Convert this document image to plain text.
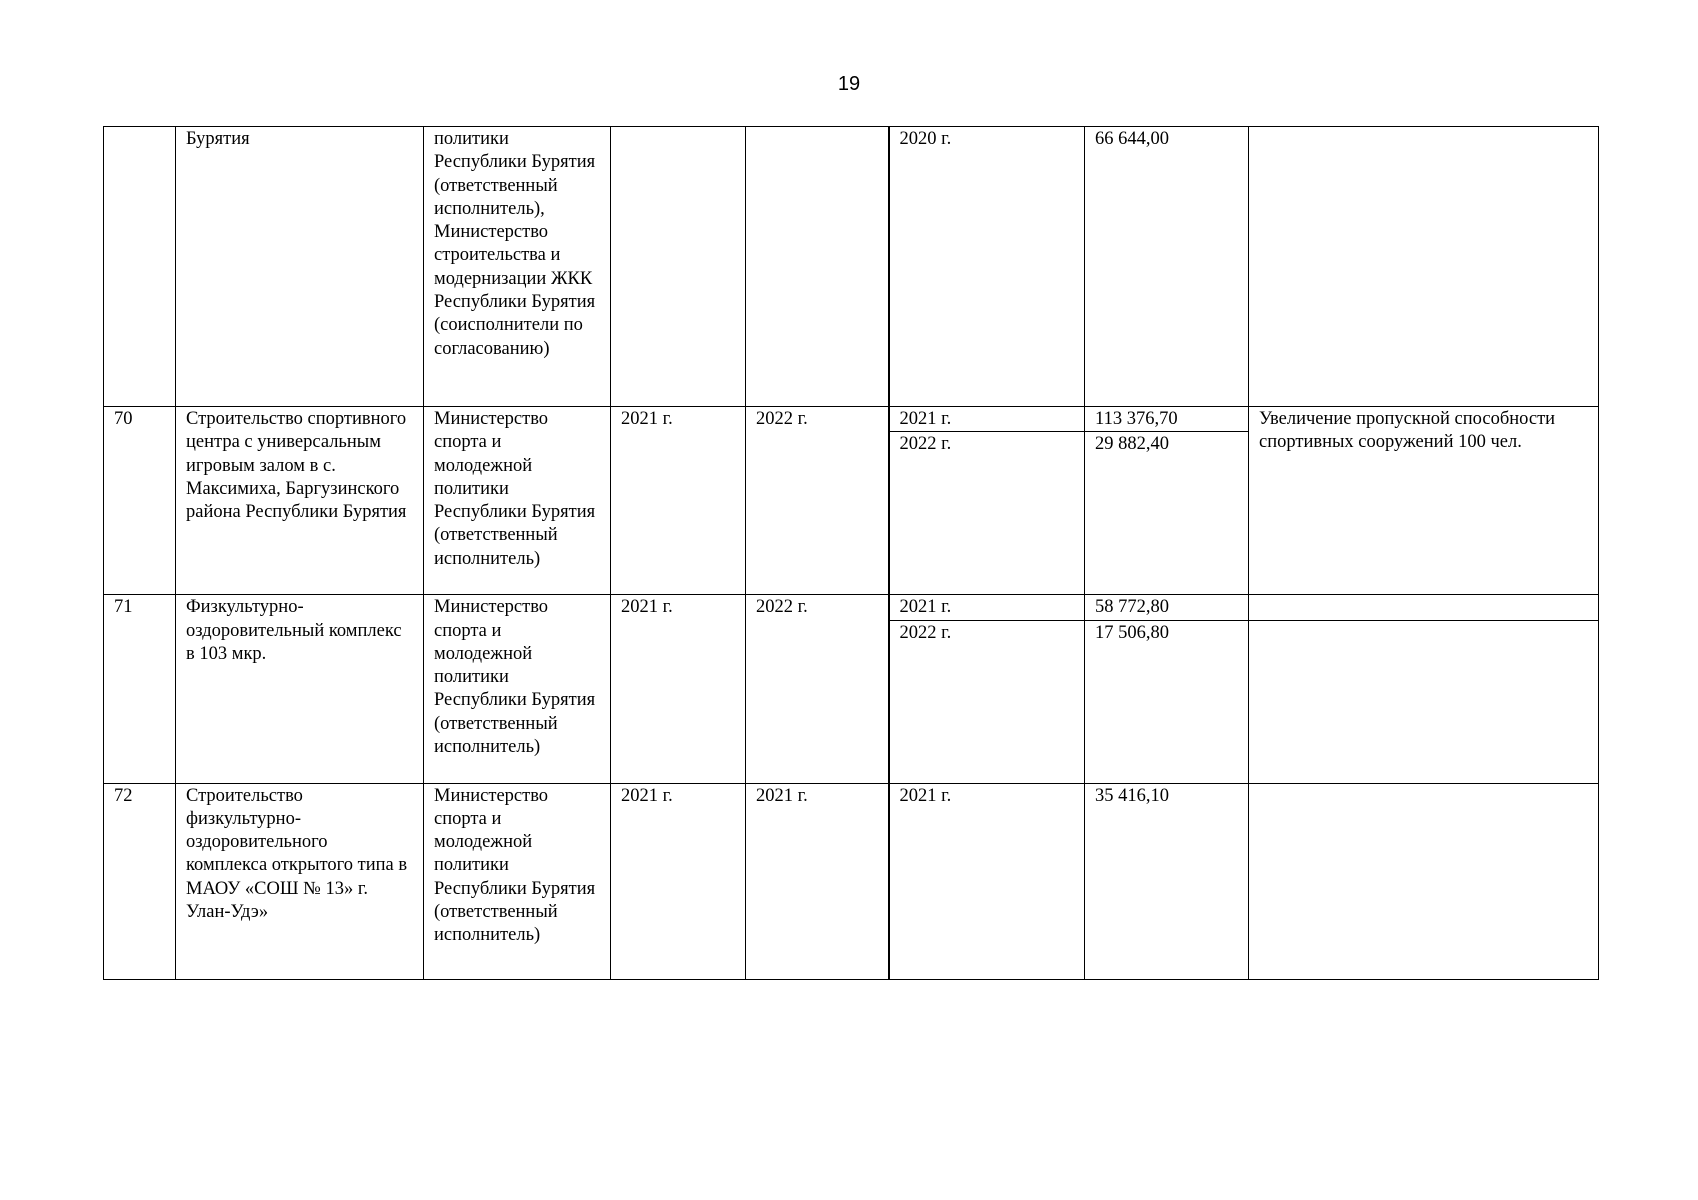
19
	Бурятия	политики Республики Бурятия (ответственный исполнитель), Министерство строительства и модернизации ЖКК Республики Бурятия (соисполнители по согласованию)			2020 г.	66 644,00	
70	Строительство спортивного центра с универсальным игровым залом в с. Максимиха, Баргузинского района Республики Бурятия	Министерство спорта и молодежной политики Республики Бурятия (ответственный исполнитель)	2021 г.	2022 г.	2021 г.	113 376,70	Увеличение пропускной способности спортивных сооружений 100 чел.
					2022 г.	29 882,40	
71	Физкультурно-оздоровительный комплекс в 103 мкр.	Министерство спорта и молодежной политики Республики Бурятия (ответственный исполнитель)	2021 г.	2022 г.	2021 г.	58 772,80	
					2022 г.	17 506,80	
72	Строительство физкультурно-оздоровительного комплекса открытого типа в МАОУ «СОШ № 13» г. Улан-Удэ»	Министерство спорта и молодежной политики Республики Бурятия (ответственный исполнитель)	2021 г.	2021 г.	2021 г.	35 416,10	
